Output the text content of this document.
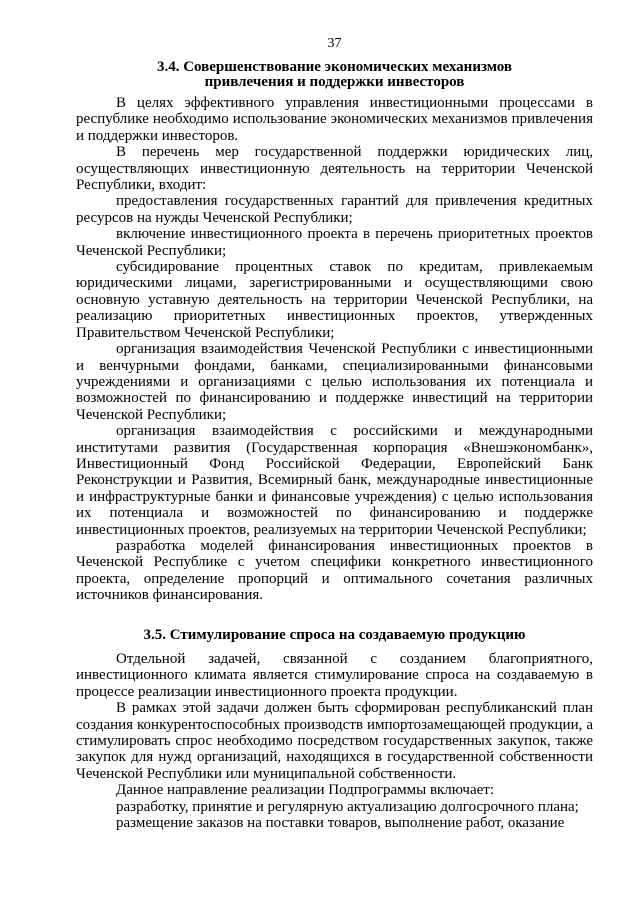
37
3.4. Совершенствование экономических механизмов
привлечения и поддержки инвесторов

В целях эффективного управления инвестиционными процессами в республике необходимо использование экономических механизмов привлечения и поддержки инвесторов.

В перечень мер государственной поддержки юридических лиц, осуществляющих инвестиционную деятельность на территории Чеченской Республики, входит:

предоставления государственных гарантий для привлечения кредитных ресурсов на нужды Чеченской Республики;

включение инвестиционного проекта в перечень приоритетных проектов Чеченской Республики;

субсидирование процентных ставок по кредитам, привлекаемым юридическими лицами, зарегистрированными и осуществляющими свою основную уставную деятельность на территории Чеченской Республики, на реализацию приоритетных инвестиционных проектов, утвержденных Правительством Чеченской Республики;

организация взаимодействия Чеченской Республики с инвестиционными и венчурными фондами, банками, специализированными финансовыми учреждениями и организациями с целью использования их потенциала и возможностей по финансированию и поддержке инвестиций на территории Чеченской Республики;

организация взаимодействия с российскими и международными институтами развития (Государственная корпорация «Внешэкономбанк», Инвестиционный Фонд Российской Федерации, Европейский Банк Реконструкции и Развития, Всемирный банк, международные инвестиционные и инфраструктурные банки и финансовые учреждения) с целью использования их потенциала и возможностей по финансированию и поддержке инвестиционных проектов, реализуемых на территории Чеченской Республики;

разработка моделей финансирования инвестиционных проектов в Чеченской Республике с учетом специфики конкретного инвестиционного проекта, определение пропорций и оптимального сочетания различных источников финансирования.

3.5. Стимулирование спроса на создаваемую продукцию

Отдельной задачей, связанной с созданием благоприятного, инвестиционного климата является стимулирование спроса на создаваемую в процессе реализации инвестиционного проекта продукции.

В рамках этой задачи должен быть сформирован республиканский план создания конкурентоспособных производств импортозамещающей продукции, а стимулировать спрос необходимо посредством государственных закупок, также закупок для нужд организаций, находящихся в государственной собственности Чеченской Республики или муниципальной собственности.

Данное направление реализации Подпрограммы включает:

разработку, принятие и регулярную актуализацию долгосрочного плана;

размещение заказов на поставки товаров, выполнение работ, оказание
